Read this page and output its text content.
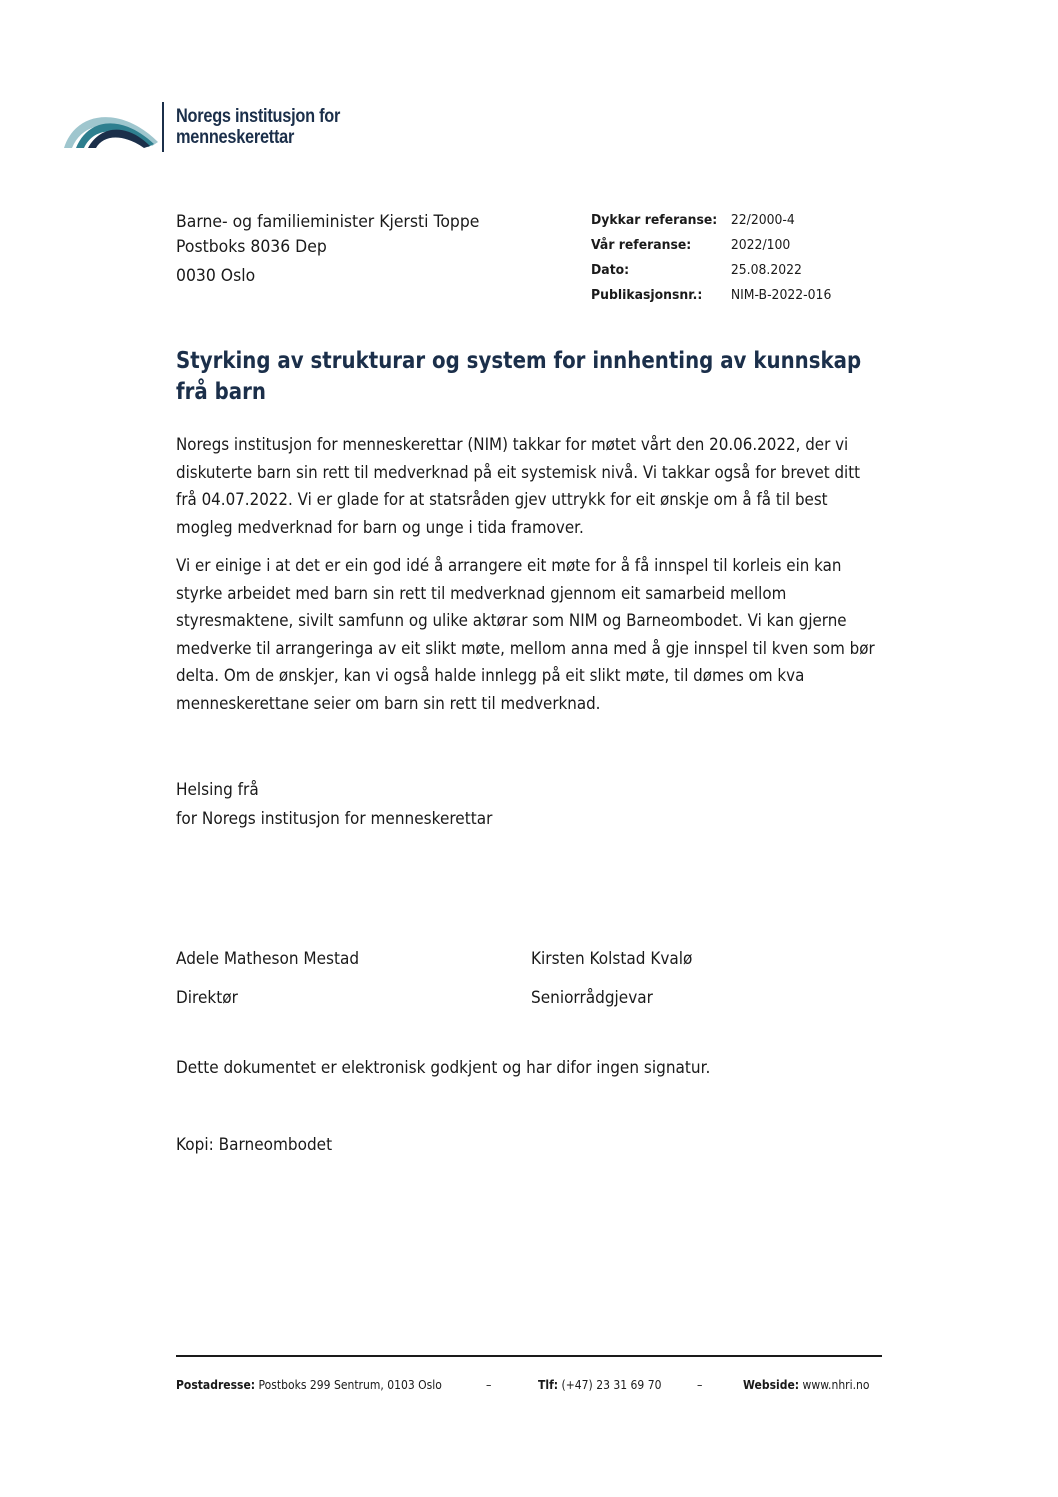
Noregs institusjon for
menneskerettar
Barne- og familieminister Kjersti Toppe
Postboks 8036 Dep
0030 Oslo
Dykkar referanse:	22/2000-4
Vår referanse:	2022/100
Dato:	25.08.2022
Publikasjonsnr.:	NIM-B-2022-016
Styrking av strukturar og system for innhenting av kunnskap frå barn

Noregs institusjon for menneskerettar (NIM) takkar for møtet vårt den 20.06.2022, der vi diskuterte barn sin rett til medverknad på eit systemisk nivå. Vi takkar også for brevet ditt frå 04.07.2022. Vi er glade for at statsråden gjev uttrykk for eit ønskje om å få til best mogleg medverknad for barn og unge i tida framover.

Vi er einige i at det er ein god idé å arrangere eit møte for å få innspel til korleis ein kan styrke arbeidet med barn sin rett til medverknad gjennom eit samarbeid mellom styresmaktene, sivilt samfunn og ulike aktørar som NIM og Barneombodet. Vi kan gjerne medverke til arrangeringa av eit slikt møte, mellom anna med å gje innspel til kven som bør delta. Om de ønskjer, kan vi også halde innlegg på eit slikt møte, til dømes om kva menneskerettane seier om barn sin rett til medverknad.

Helsing frå
for Noregs institusjon for menneskerettar
Adele Matheson Mestad
Direktør
Kirsten Kolstad Kvalø
Seniorrådgjevar
Dette dokumentet er elektronisk godkjent og har difor ingen signatur.
Kopi: Barneombodet
Postadresse: Postboks 299 Sentrum, 0103 Oslo	–	Tlf: (+47) 23 31 69 70	–	Webside: www.nhri.no
